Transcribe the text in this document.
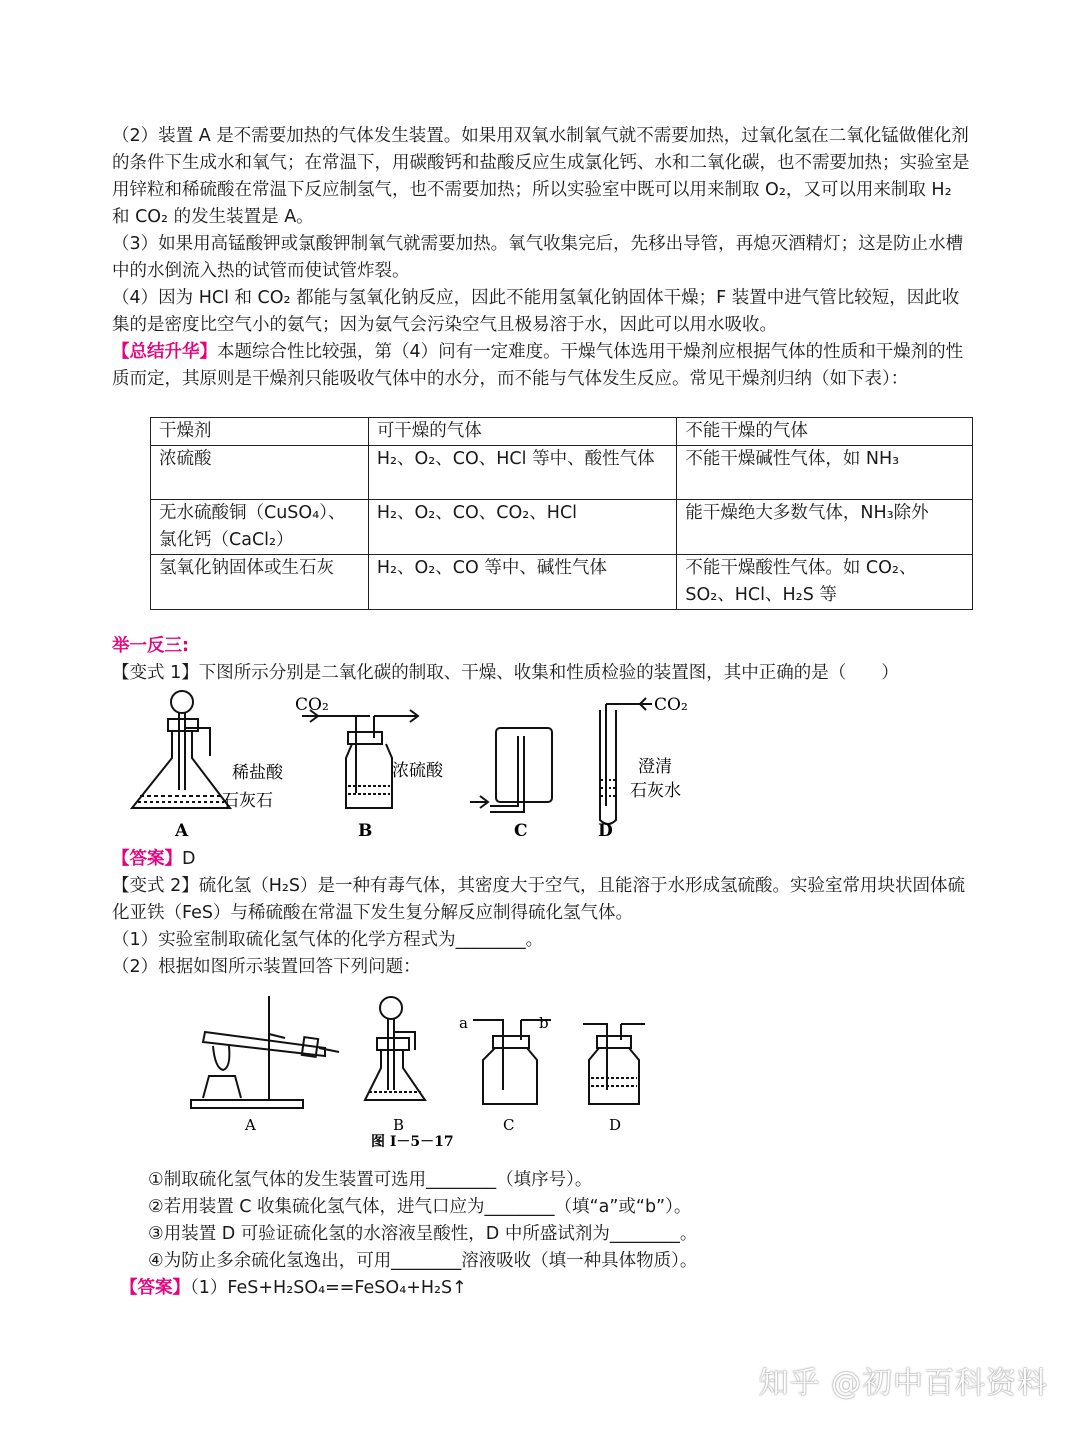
（2）装置 A 是不需要加热的气体发生装置。如果用双氧水制氧气就不需要加热，过氧化氢在二氧化锰做催化剂的条件下生成水和氧气；在常温下，用碳酸钙和盐酸反应生成氯化钙、水和二氧化碳，也不需要加热；实验室是用锌粒和稀硫酸在常温下反应制氢气，也不需要加热；所以实验室中既可以用来制取 O₂，又可以用来制取 H₂ 和 CO₂ 的发生装置是 A。

（3）如果用高锰酸钾或氯酸钾制氧气就需要加热。氧气收集完后，先移出导管，再熄灭酒精灯；这是防止水槽中的水倒流入热的试管而使试管炸裂。

（4）因为 HCl 和 CO₂ 都能与氢氧化钠反应，因此不能用氢氧化钠固体干燥；F 装置中进气管比较短，因此收集的是密度比空气小的氨气；因为氨气会污染空气且极易溶于水，因此可以用水吸收。

【总结升华】本题综合性比较强，第（4）问有一定难度。干燥气体选用干燥剂应根据气体的性质和干燥剂的性质而定，其原则是干燥剂只能吸收气体中的水分，而不能与气体发生反应。常见干燥剂归纳（如下表）：

干燥剂	可干燥的气体	不能干燥的气体
浓硫酸	H₂、O₂、CO、HCl 等中、酸性气体	不能干燥碱性气体，如 NH₃
无水硫酸铜（CuSO₄）、氯化钙（CaCl₂）	H₂、O₂、CO、CO₂、HCl	能干燥绝大多数气体，NH₃除外
氢氧化钠固体或生石灰	H₂、O₂、CO 等中、碱性气体	不能干燥酸性气体。如 CO₂、SO₂、HCl、H₂S 等

举一反三:

【变式 1】下图所示分别是二氧化碳的制取、干燥、收集和性质检验的装置图，其中正确的是（　　）

稀盐酸
石灰石
A
CO₂
浓硫酸
B	C
CO₂
澄清
石灰水
D

【答案】D

【变式 2】硫化氢（H₂S）是一种有毒气体，其密度大于空气，且能溶于水形成氢硫酸。实验室常用块状固体硫化亚铁（FeS）与稀硫酸在常温下发生复分解反应制得硫化氢气体。

（1）实验室制取硫化氢气体的化学方程式为________。

（2）根据如图所示装置回答下列问题：

A	B
a	b
C	D
图 Ⅰ－5－17

①制取硫化氢气体的发生装置可选用________（填序号）。

②若用装置 C 收集硫化氢气体，进气口应为________（填“a”或“b”）。

③用装置 D 可验证硫化氢的水溶液呈酸性，D 中所盛试剂为________。

④为防止多余硫化氢逸出，可用________溶液吸收（填一种具体物质）。

【答案】（1）FeS+H₂SO₄==FeSO₄+H₂S↑

知乎 @初中百科资料
